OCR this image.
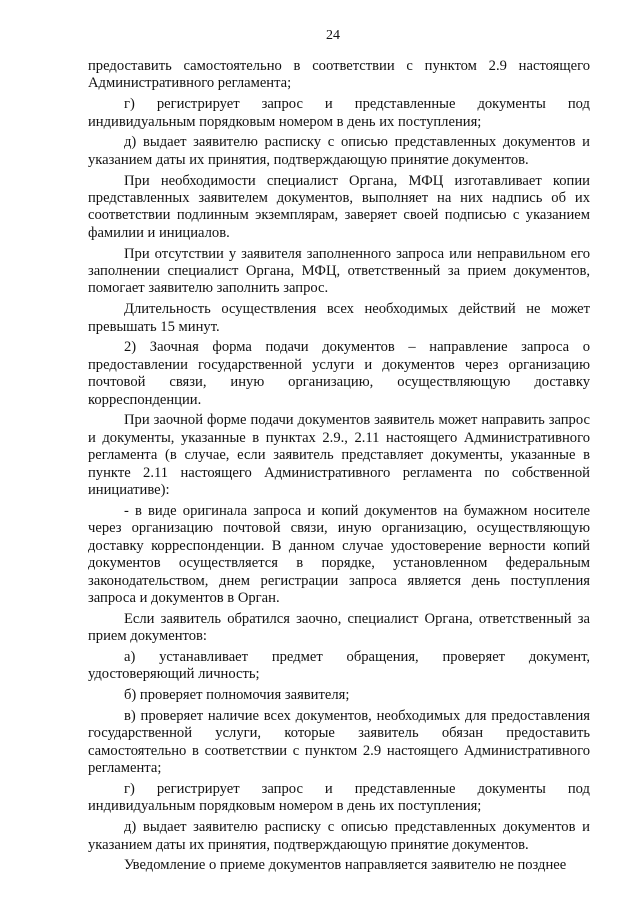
24

предоставить самостоятельно в соответствии с пунктом 2.9 настоящего Административного регламента;

г) регистрирует запрос и представленные документы под индивидуальным порядковым номером в день их поступления;

д) выдает заявителю расписку с описью представленных документов и указанием даты их принятия, подтверждающую принятие документов.

При необходимости специалист Органа, МФЦ изготавливает копии представленных заявителем документов, выполняет на них надпись об их соответствии подлинным экземплярам, заверяет своей подписью с указанием фамилии и инициалов.

При отсутствии у заявителя заполненного запроса или неправильном его заполнении специалист Органа, МФЦ, ответственный за прием документов, помогает заявителю заполнить запрос.

Длительность осуществления всех необходимых действий не может превышать 15 минут.

2) Заочная форма подачи документов – направление запроса о предоставлении государственной услуги и документов через организацию почтовой связи, иную организацию, осуществляющую доставку корреспонденции.

При заочной форме подачи документов заявитель может направить запрос и документы, указанные в пунктах 2.9., 2.11 настоящего Административного регламента (в случае, если заявитель представляет документы, указанные в пункте 2.11 настоящего Административного регламента по собственной инициативе):

- в виде оригинала запроса и копий документов на бумажном носителе через организацию почтовой связи, иную организацию, осуществляющую доставку корреспонденции. В данном случае удостоверение верности копий документов осуществляется в порядке, установленном федеральным законодательством, днем регистрации запроса является день поступления запроса и документов в Орган.

Если заявитель обратился заочно, специалист Органа, ответственный за прием документов:

а) устанавливает предмет обращения, проверяет документ, удостоверяющий личность;

б) проверяет полномочия заявителя;

в) проверяет наличие всех документов, необходимых для предоставления государственной услуги, которые заявитель обязан предоставить самостоятельно в соответствии с пунктом 2.9 настоящего Административного регламента;

г) регистрирует запрос и представленные документы под индивидуальным порядковым номером в день их поступления;

д) выдает заявителю расписку с описью представленных документов и указанием даты их принятия, подтверждающую принятие документов.

Уведомление о приеме документов направляется заявителю не позднее
